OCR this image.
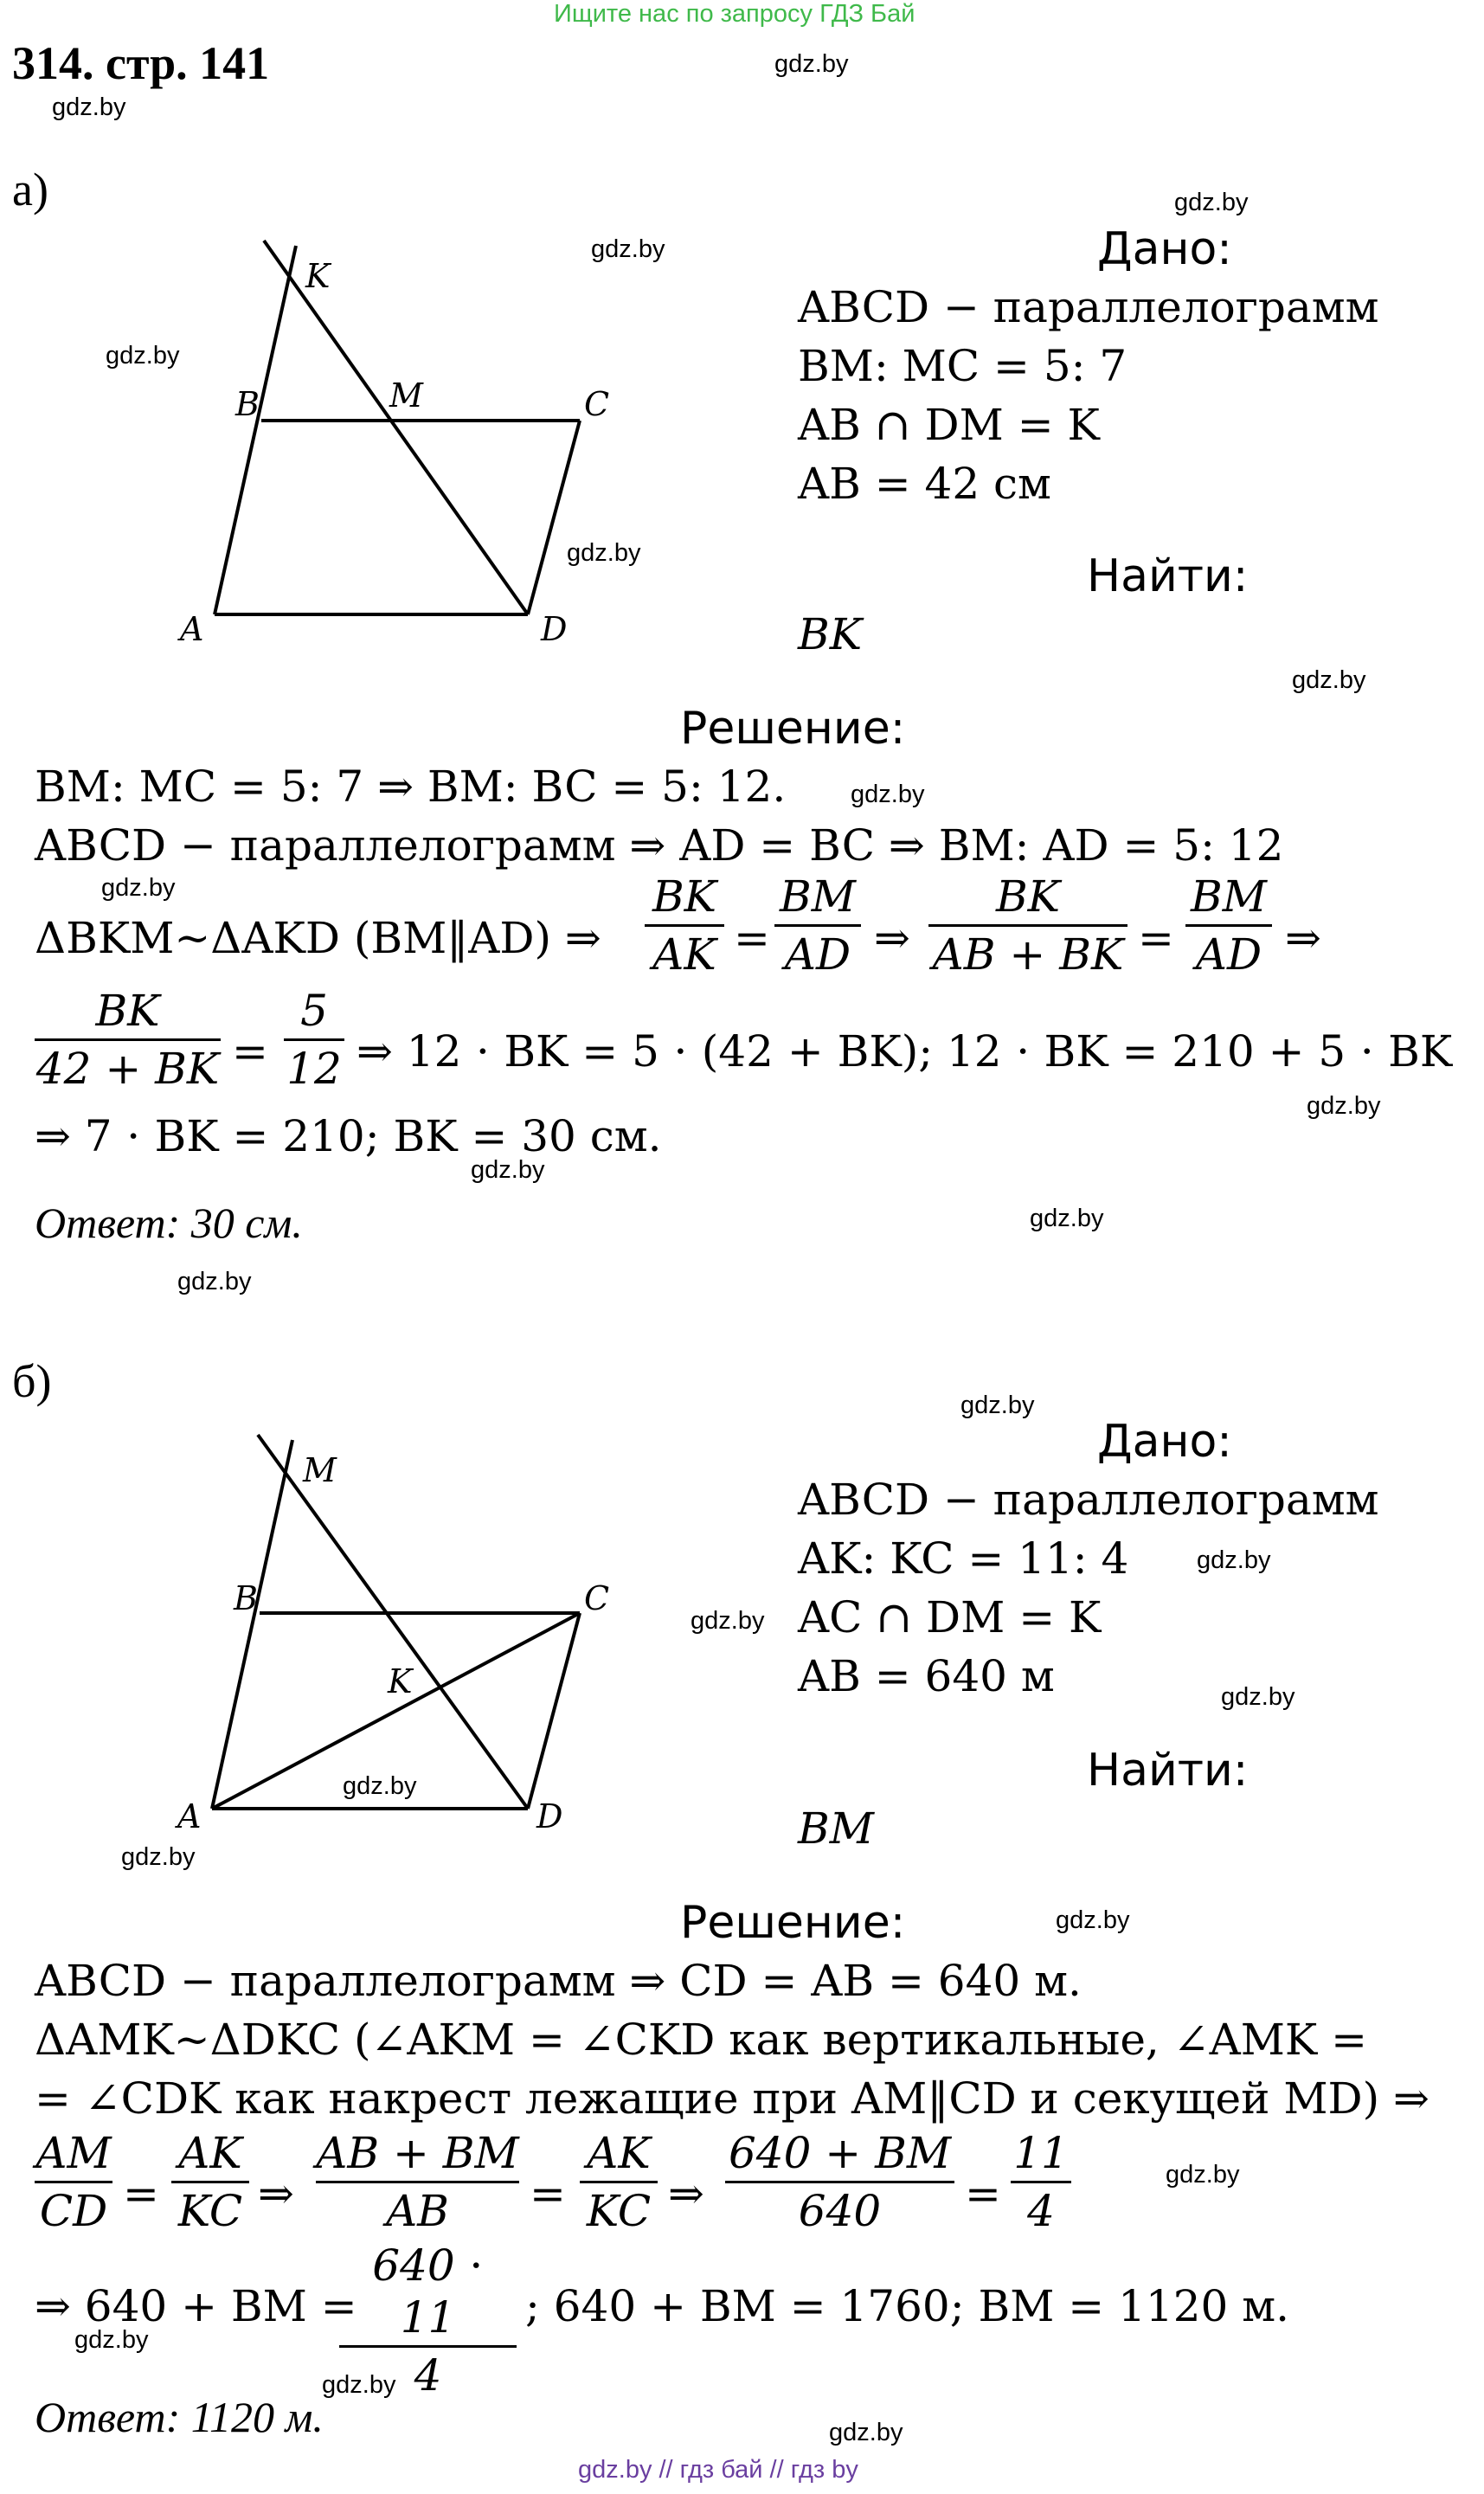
Ищите нас по запросу ГДЗ Бай
314. стр. 141	gdz.by
gdz.by
gdz.by
gdz.by
gdz.by
gdz.by
gdz.by
gdz.by
gdz.by
gdz.by
gdz.by
gdz.by
gdz.by
gdz.by
gdz.by
gdz.by
gdz.by
gdz.by
gdz.by
gdz.by
gdz.by
gdz.by
gdz.by
gdz.by
а)
K
B	M	C
A	D
Дано:
ABCD − параллелограмм
BM: MC = 5: 7
AB ∩ DM = K
AB = 42 см
Найти:
BK
Решение:
BM: MC = 5: 7 ⇒ BM: BC = 5: 12.
ABCD − параллелограмм ⇒ AD = BC ⇒ BM: AD = 5: 12
ΔBKM~ΔAKD (BM‖AD) ⇒
BK
AK =
BM
AD ⇒
BK
AB + BK =
BM
AD ⇒
BK
42 + BK =
5
12 ⇒ 12 ⋅ BK = 5 ⋅ (42 + BK); 12 ⋅ BK = 210 + 5 ⋅ BK
⇒ 7 ⋅ BK = 210; BK = 30 см.
Ответ: 30 см.
б)
M
B	C
K
A	D
Дано:
ABCD − параллелограмм
AK: KC = 11: 4
AC ∩ DM = K
AB = 640 м
Найти:
BM
Решение:
ABCD − параллелограмм ⇒ CD = AB = 640 м.
ΔAMK~ΔDKC (∠AKM = ∠CKD как вертикальные, ∠AMK =
= ∠CDK как накрест лежащие при AM‖CD и секущей MD) ⇒
AM
CD =
AK
KC ⇒
AB + BM
AB	=
AK
KC ⇒
640 + BM
640	=
11
4
⇒ 640 + BM =
640 ⋅ 11
4
; 640 + BM = 1760; BM = 1120 м.
Ответ: 1120 м.
gdz.by // гдз бай // гдз by
